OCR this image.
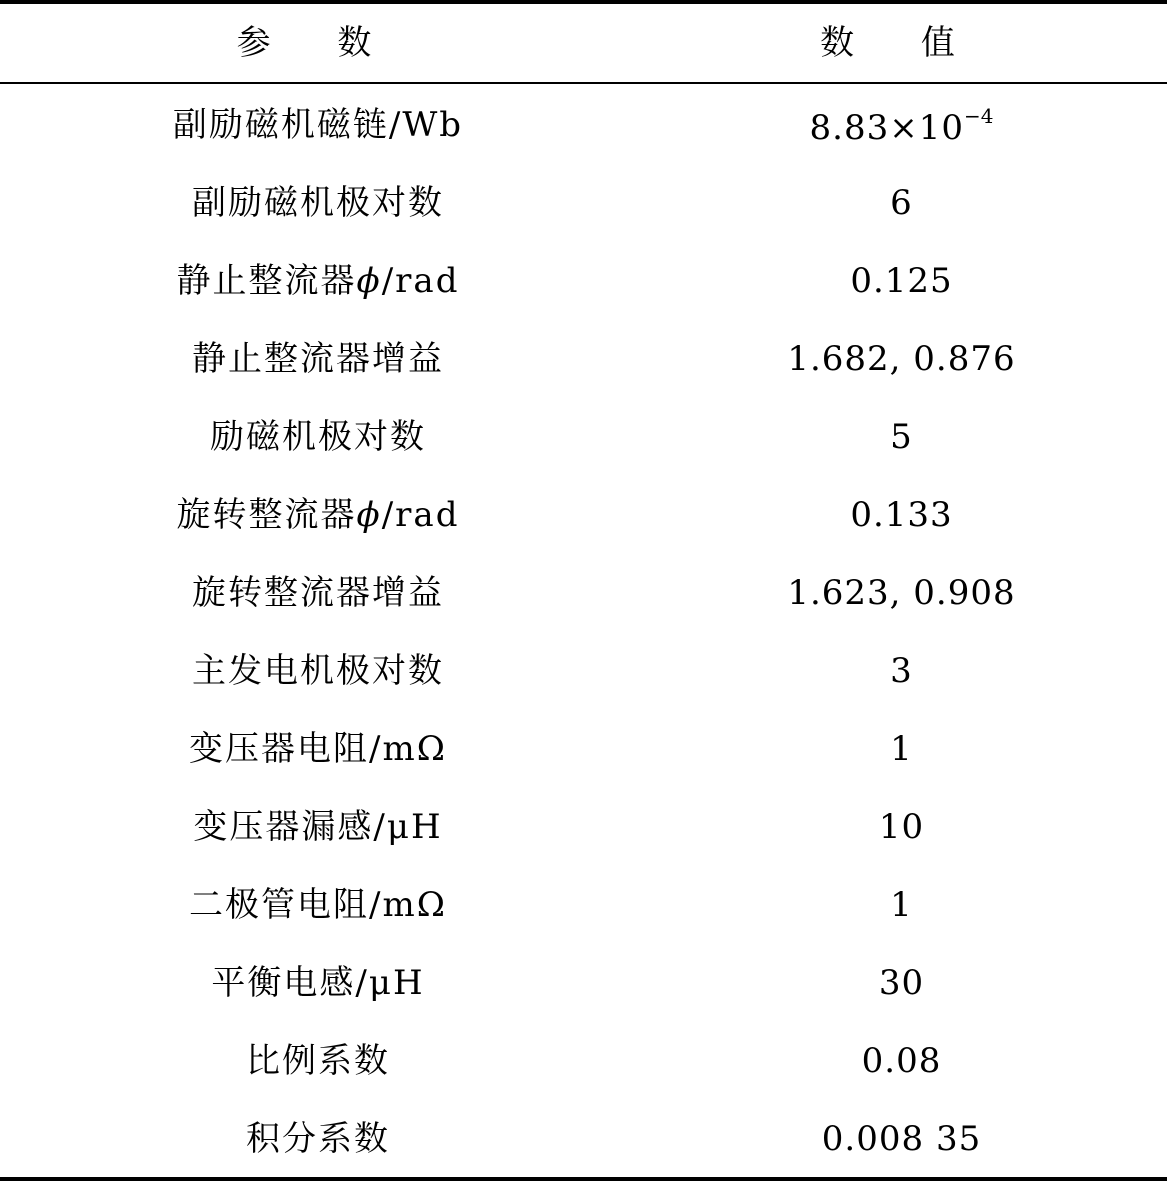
参 数	数 值
副励磁机磁链/Wb	$8.83\times 10^{-4}$
副励磁机极对数	6
静止整流器ϕ/rad	0.125
静止整流器增益	1.682, 0.876
励磁机极对数	5
旋转整流器ϕ/rad	0.133
旋转整流器增益	1.623, 0.908
主发电机极对数	3
变压器电阻/mΩ	1
变压器漏感/μH	10
二极管电阻/mΩ	1
平衡电感/μH	30
比例系数	0.08
积分系数	0.008 35
